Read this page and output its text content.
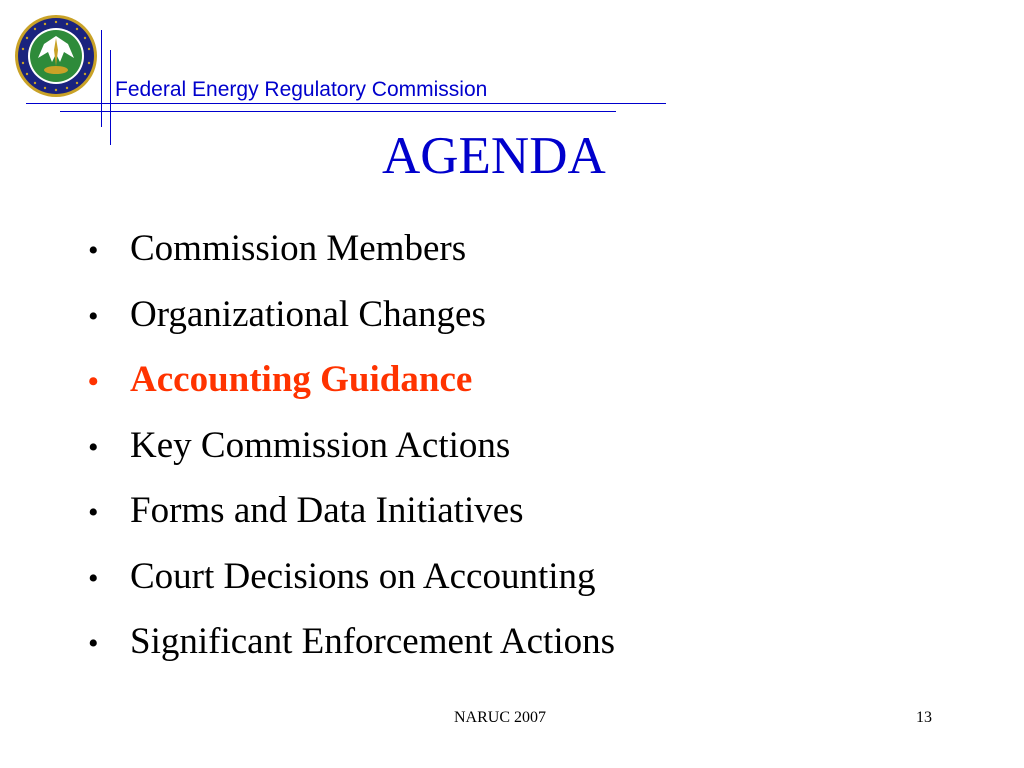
Federal Energy Regulatory Commission
AGENDA
• Commission Members
• Organizational Changes
• Accounting Guidance
• Key Commission Actions
• Forms and Data Initiatives
• Court Decisions on Accounting
• Significant Enforcement Actions
NARUC 2007	13
